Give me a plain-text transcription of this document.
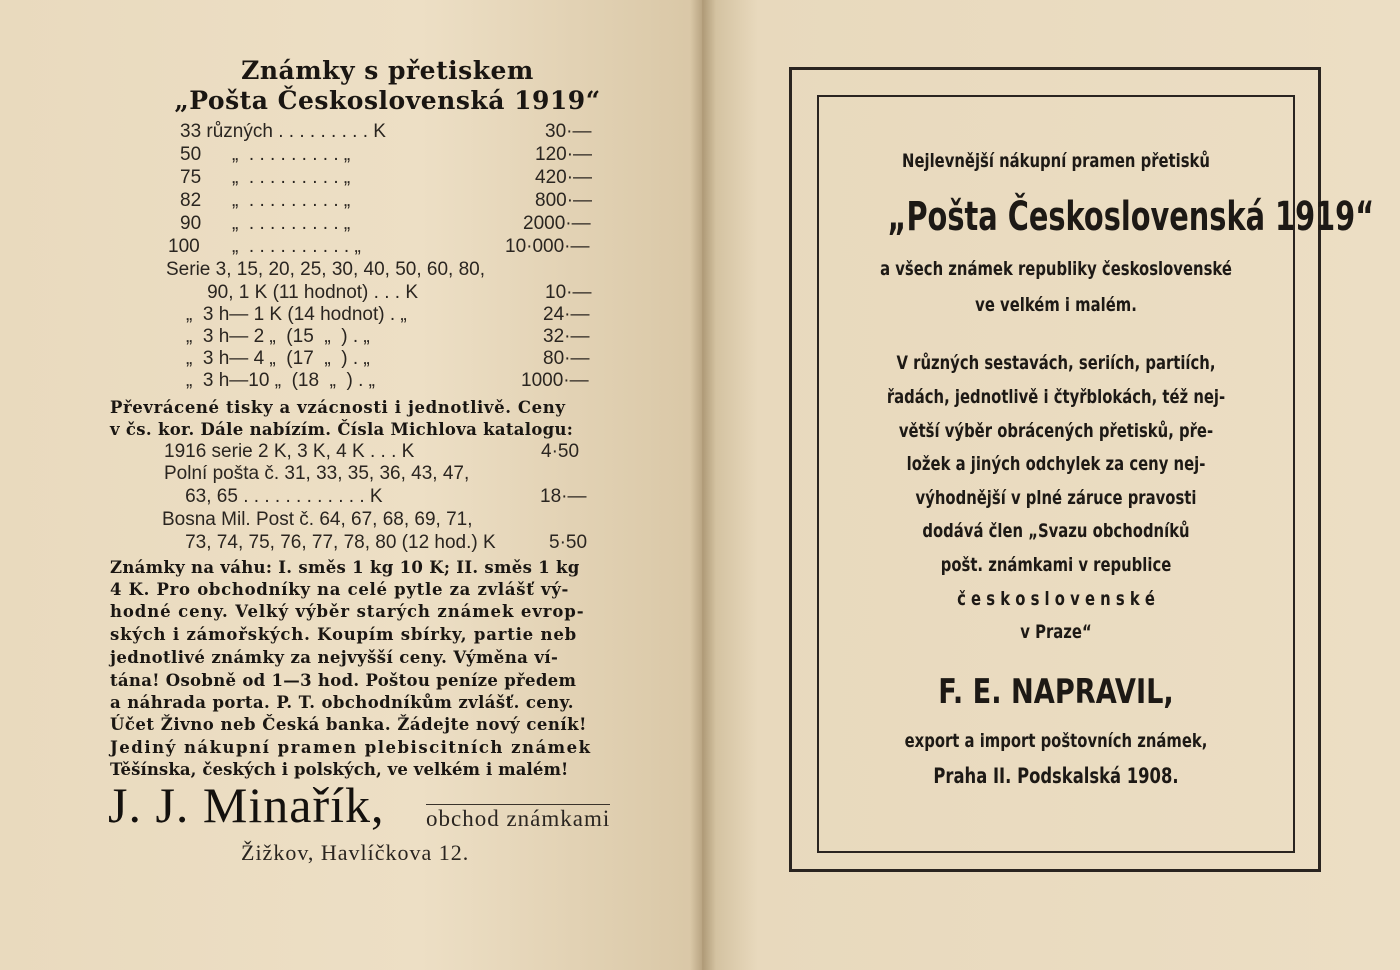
Známky s přetiskem
„Pošta Československá 1919“
33 různých . . . . . . . . . K	30·—
50 „  . . . . . . . . . „	120·—
75 „  . . . . . . . . . „	420·—
82 „  . . . . . . . . . „	800·—
90 „  . . . . . . . . . „	2000·—
100 „  . . . . . . . . . . „	10·000·—
Serie 3, 15, 20, 25, 30, 40, 50, 60, 80,
90, 1 K (11 hodnot) . . . K	10·—
„  3 h— 1 K (14 hodnot) . „	24·—
„  3 h— 2 „  (15  „  ) . „	32·—
„  3 h— 4 „  (17  „  ) . „	80·—
„  3 h—10 „  (18  „  ) . „	1000·—
Převrácené tisky a vzácnosti i jednotlivě. Ceny
v čs. kor. Dále nabízím. Čísla Michlova katalogu:
1916 serie 2 K, 3 K, 4 K . . . K	4·50
Polní pošta č. 31, 33, 35, 36, 43, 47,
63, 65 . . . . . . . . . . . . K	18·—
Bosna Mil. Post č. 64, 67, 68, 69, 71,
73, 74, 75, 76, 77, 78, 80 (12 hod.) K	5·50
Známky na váhu: I. směs 1 kg 10 K; II. směs 1 kg
4 K. Pro obchodníky na celé pytle za zvlášť vý-
hodné ceny. Velký výběr starých známek evrop-
ských i zámořských. Koupím sbírky, partie neb
jednotlivé známky za nejvyšší ceny. Výměna ví-
tána! Osobně od 1—3 hod. Poštou peníze předem
a náhrada porta. P. T. obchodníkům zvlášť. ceny.
Účet Živno neb Česká banka. Žádejte nový ceník!
Jediný nákupní pramen plebiscitních známek
Těšínska, českých i polských, ve velkém i malém!
J. J. Minařík, obchod známkami
Žižkov, Havlíčkova 12.
Nejlevnější nákupní pramen přetisků
„Pošta Československá 1919“
a všech známek republiky československé
ve velkém i malém.
V různých sestavách, seriích, partiích,
řadách, jednotlivě i čtyřblokách, též nej-
větší výběr obrácených přetisků, pře-
ložek a jiných odchylek za ceny nej-
výhodnější v plné záruce pravosti
dodává člen „Svazu obchodníků
pošt. známkami v republice
č e s k o s l o v e n s k é
v Praze“
F. E. NAPRAVIL,
export a import poštovních známek,
Praha II. Podskalská 1908.
